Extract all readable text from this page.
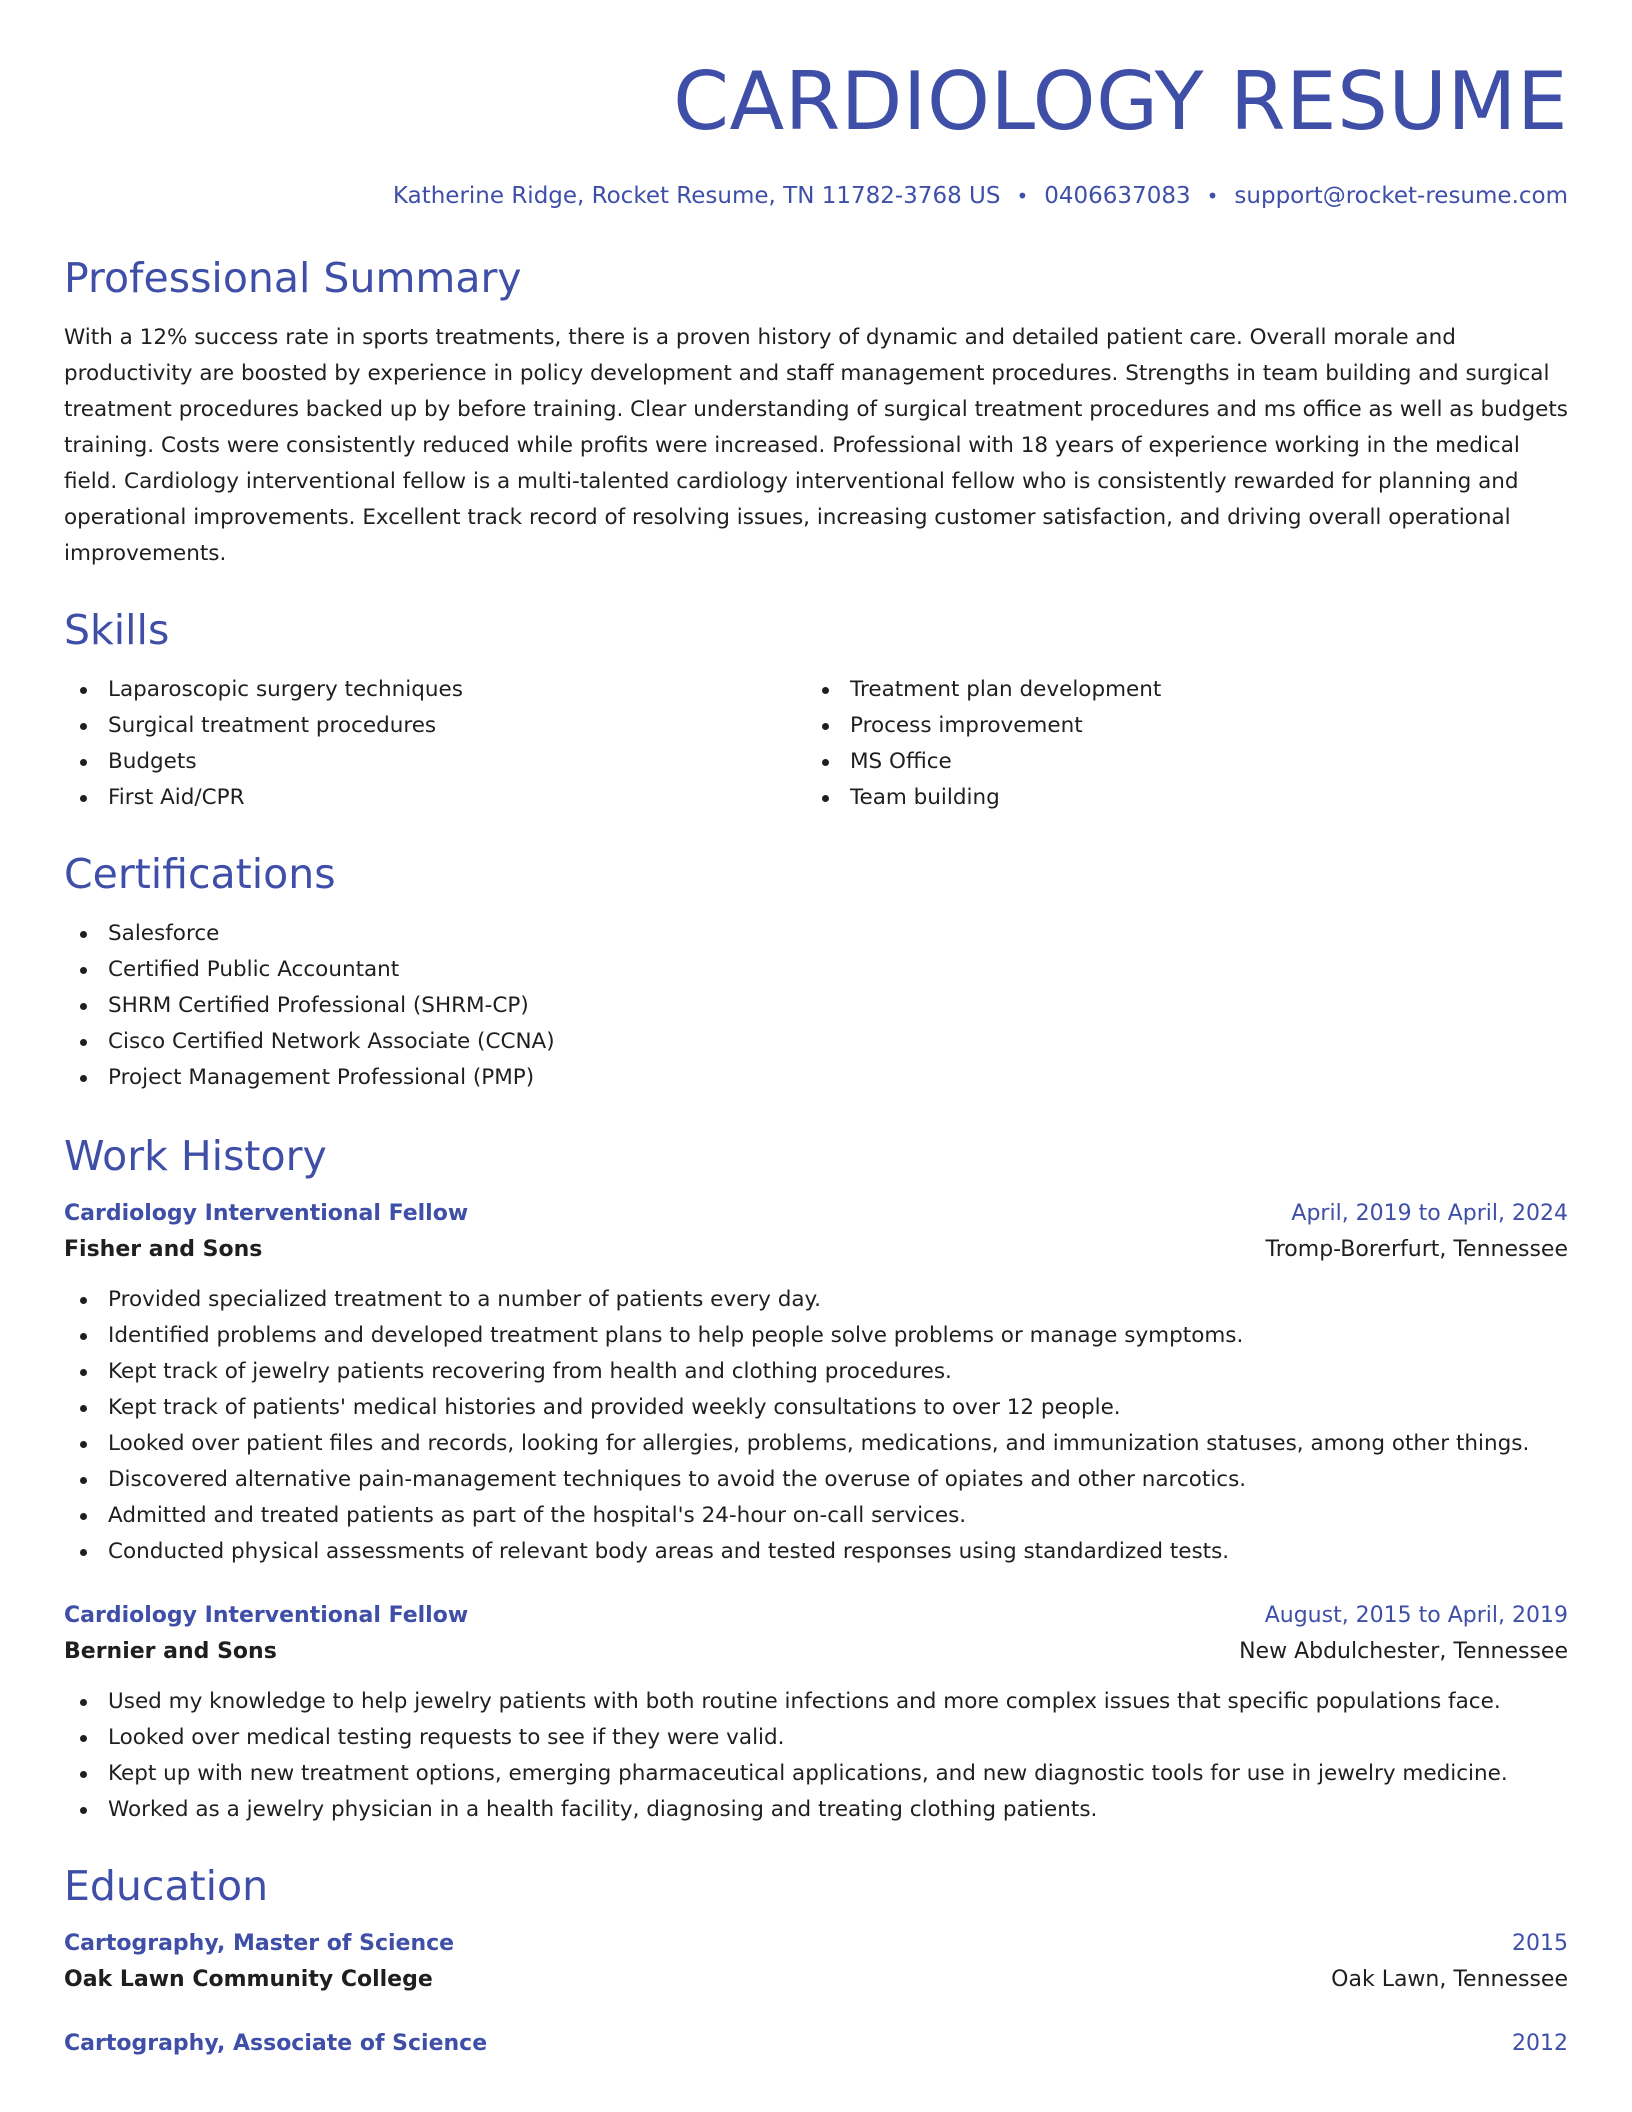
CARDIOLOGY RESUME
Katherine Ridge, Rocket Resume, TN 11782-3768 US • 0406637083 • support@rocket-resume.com
Professional Summary

With a 12% success rate in sports treatments, there is a proven history of dynamic and detailed patient care. Overall morale and productivity are boosted by experience in policy development and staff management procedures. Strengths in team building and surgical treatment procedures backed up by before training. Clear understanding of surgical treatment procedures and ms office as well as budgets training. Costs were consistently reduced while profits were increased. Professional with 18 years of experience working in the medical field. Cardiology interventional fellow is a multi-talented cardiology interventional fellow who is consistently rewarded for planning and operational improvements. Excellent track record of resolving issues, increasing customer satisfaction, and driving overall operational improvements.

Skills
Laparoscopic surgery techniques
Surgical treatment procedures
Budgets
First Aid/CPR
Treatment plan development
Process improvement
MS Office
Team building
Certifications
Salesforce
Certified Public Accountant
SHRM Certified Professional (SHRM-CP)
Cisco Certified Network Associate (CCNA)
Project Management Professional (PMP)
Work History
Cardiology Interventional Fellow	April, 2019 to April, 2024
Fisher and Sons	Tromp-Borerfurt, Tennessee
Provided specialized treatment to a number of patients every day.
Identified problems and developed treatment plans to help people solve problems or manage symptoms.
Kept track of jewelry patients recovering from health and clothing procedures.
Kept track of patients' medical histories and provided weekly consultations to over 12 people.
Looked over patient files and records, looking for allergies, problems, medications, and immunization statuses, among other things.
Discovered alternative pain-management techniques to avoid the overuse of opiates and other narcotics.
Admitted and treated patients as part of the hospital's 24-hour on-call services.
Conducted physical assessments of relevant body areas and tested responses using standardized tests.
Cardiology Interventional Fellow	August, 2015 to April, 2019
Bernier and Sons	New Abdulchester, Tennessee
Used my knowledge to help jewelry patients with both routine infections and more complex issues that specific populations face.
Looked over medical testing requests to see if they were valid.
Kept up with new treatment options, emerging pharmaceutical applications, and new diagnostic tools for use in jewelry medicine.
Worked as a jewelry physician in a health facility, diagnosing and treating clothing patients.
Education
Cartography, Master of Science	2015
Oak Lawn Community College	Oak Lawn, Tennessee
Cartography, Associate of Science	2012
